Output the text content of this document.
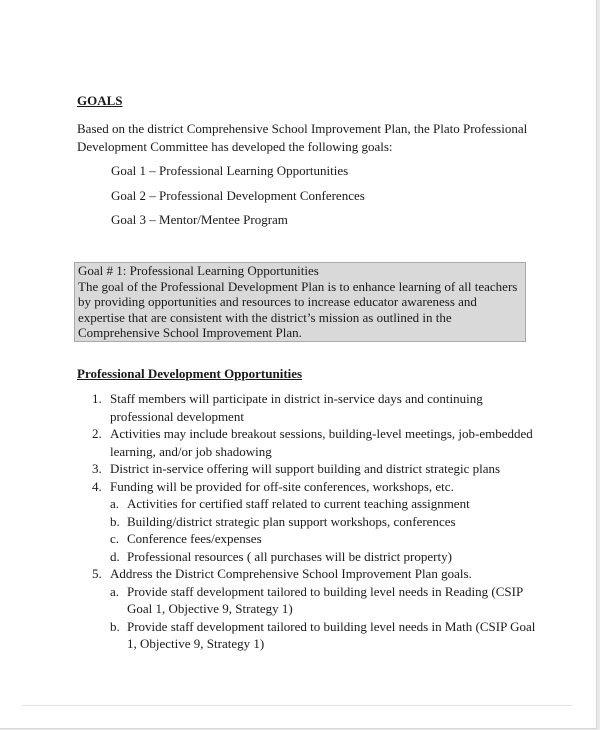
GOALS
Based on the district Comprehensive School Improvement Plan, the Plato Professional Development Committee has developed the following goals:
Goal 1 – Professional Learning Opportunities
Goal 2 – Professional Development Conferences
Goal 3 – Mentor/Mentee Program
Goal # 1: Professional Learning Opportunities
The goal of the Professional Development Plan is to enhance learning of all teachers by providing opportunities and resources to increase educator awareness and expertise that are consistent with the district’s mission as outlined in the Comprehensive School Improvement Plan.
Professional Development Opportunities
1. Staff members will participate in district in-service days and continuing professional development
2. Activities may include breakout sessions, building-level meetings, job-embedded learning, and/or job shadowing
3. District in-service offering will support building and district strategic plans
4. Funding will be provided for off-site conferences, workshops, etc.
a. Activities for certified staff related to current teaching assignment
b. Building/district strategic plan support workshops, conferences
c. Conference fees/expenses
d. Professional resources ( all purchases will be district property)
5. Address the District Comprehensive School Improvement Plan goals.
a. Provide staff development tailored to building level needs in Reading (CSIP Goal 1, Objective 9, Strategy 1)
b. Provide staff development tailored to building level needs in Math (CSIP Goal 1, Objective 9, Strategy 1)
